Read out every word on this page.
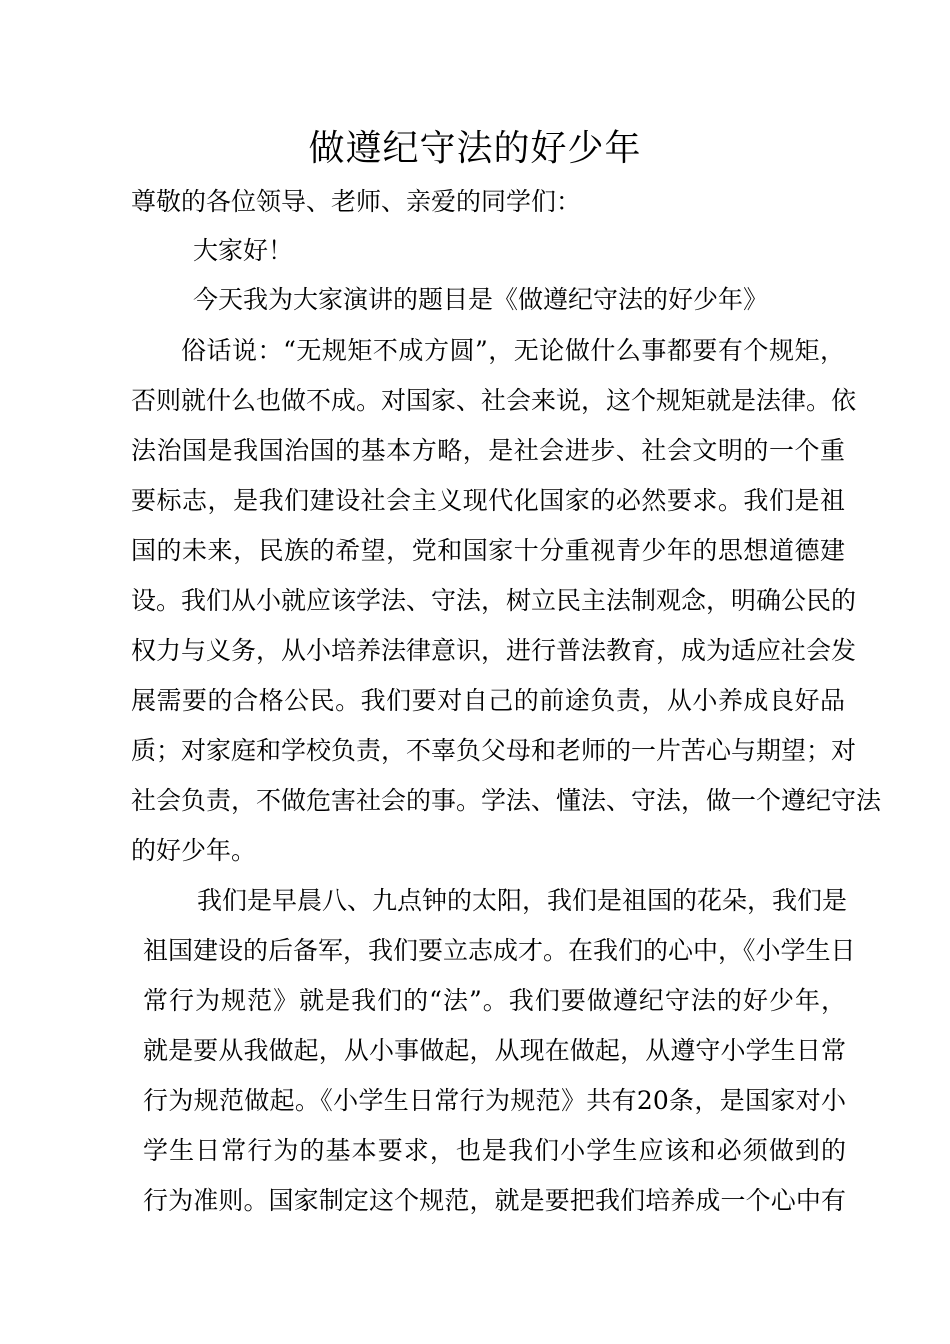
做遵纪守法的好少年
尊敬的各位领导、老师、亲爱的同学们：
大家好！
今天我为大家演讲的题目是《做遵纪守法的好少年》
俗话说：“无规矩不成方圆”，无论做什么事都要有个规矩，
否则就什么也做不成。对国家、社会来说，这个规矩就是法律。依
法治国是我国治国的基本方略，是社会进步、社会文明的一个重
要标志，是我们建设社会主义现代化国家的必然要求。我们是祖
国的未来，民族的希望，党和国家十分重视青少年的思想道德建
设。我们从小就应该学法、守法，树立民主法制观念，明确公民的
权力与义务，从小培养法律意识，进行普法教育，成为适应社会发
展需要的合格公民。我们要对自己的前途负责，从小养成良好品
质；对家庭和学校负责，不辜负父母和老师的一片苦心与期望；对
社会负责，不做危害社会的事。学法、懂法、守法，做一个遵纪守法
的好少年。
我们是早晨八、九点钟的太阳，我们是祖国的花朵，我们是
祖国建设的后备军，我们要立志成才。在我们的心中，《小学生日
常行为规范》就是我们的“法”。我们要做遵纪守法的好少年，
就是要从我做起，从小事做起，从现在做起，从遵守小学生日常
行为规范做起。《小学生日常行为规范》共有20条，是国家对小
学生日常行为的基本要求，也是我们小学生应该和必须做到的
行为准则。国家制定这个规范，就是要把我们培养成一个心中有
